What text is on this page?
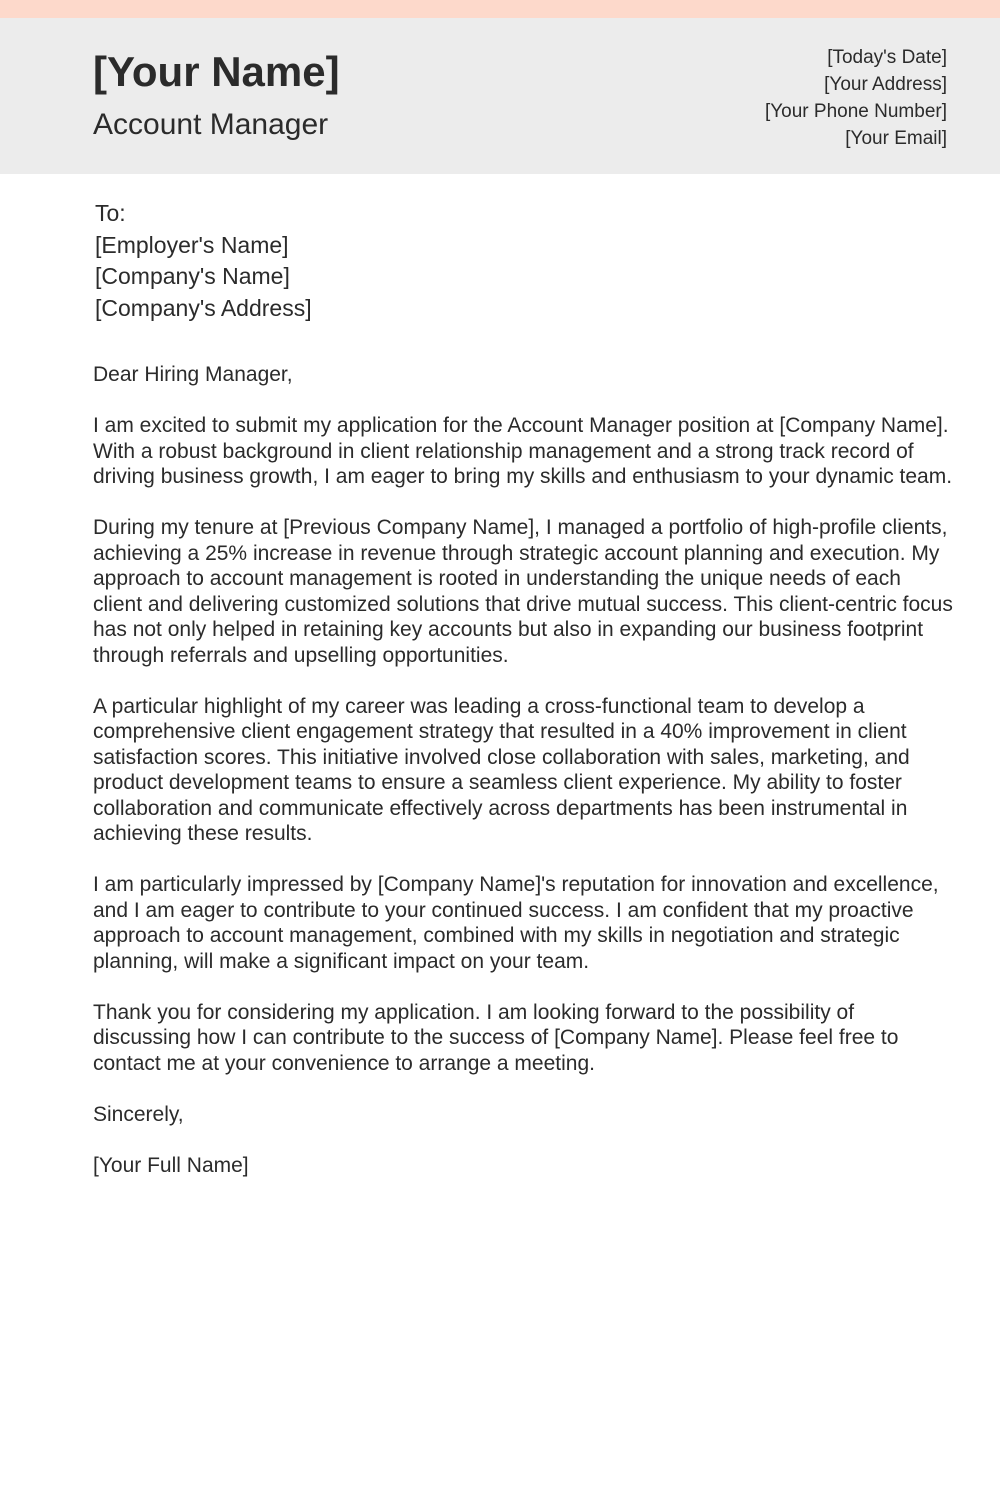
[Your Name]
Account Manager
[Today's Date]
[Your Address]
[Your Phone Number]
[Your Email]
To:
[Employer's Name]
[Company's Name]
[Company's Address]

Dear Hiring Manager,

I am excited to submit my application for the Account Manager position at [Company Name]. With a robust background in client relationship management and a strong track record of driving business growth, I am eager to bring my skills and enthusiasm to your dynamic team.

During my tenure at [Previous Company Name], I managed a portfolio of high-profile clients, achieving a 25% increase in revenue through strategic account planning and execution. My approach to account management is rooted in understanding the unique needs of each client and delivering customized solutions that drive mutual success. This client-centric focus has not only helped in retaining key accounts but also in expanding our business footprint through referrals and upselling opportunities.

A particular highlight of my career was leading a cross-functional team to develop a comprehensive client engagement strategy that resulted in a 40% improvement in client satisfaction scores. This initiative involved close collaboration with sales, marketing, and product development teams to ensure a seamless client experience. My ability to foster collaboration and communicate effectively across departments has been instrumental in achieving these results.

I am particularly impressed by [Company Name]'s reputation for innovation and excellence, and I am eager to contribute to your continued success. I am confident that my proactive approach to account management, combined with my skills in negotiation and strategic planning, will make a significant impact on your team.

Thank you for considering my application. I am looking forward to the possibility of discussing how I can contribute to the success of [Company Name]. Please feel free to contact me at your convenience to arrange a meeting.

Sincerely,

[Your Full Name]
